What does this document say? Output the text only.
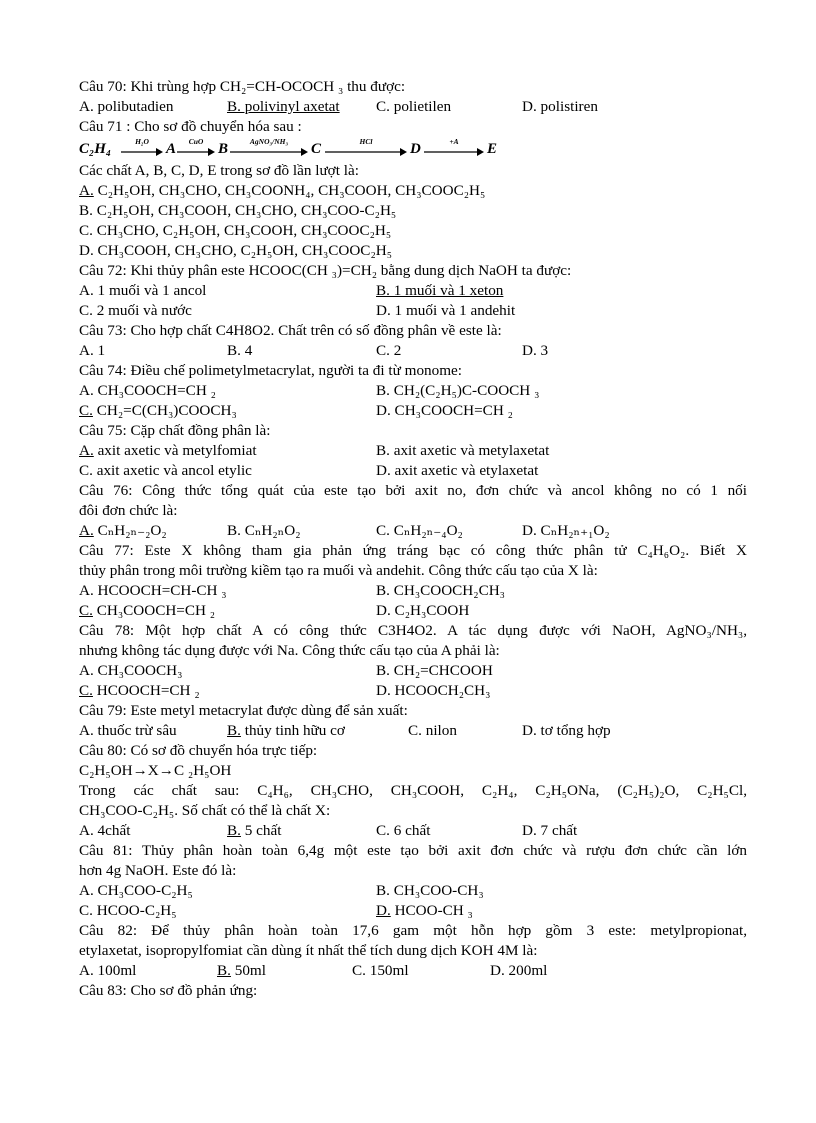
Câu 70: Khi trùng hợp CH₂=CH-OCOCH ₃ thu được:
A. polibutadien	B. polivinyl axetat C. polietilen	D. polistiren
Câu 71 : Cho sơ đồ chuyển hóa sau :
C₂H₄	H₂O	A	CuO B	AgNO₃/NH₃	C	HCl	D	+A	E
Các chất A, B, C, D, E trong sơ đồ lần lượt là:
A. C₂H₅OH, CH₃CHO, CH₃COONH₄, CH₃COOH, CH₃COOC₂H₅
B. C₂H₅OH, CH₃COOH, CH₃CHO, CH₃COO-C₂H₅
C. CH₃CHO, C₂H₅OH, CH₃COOH, CH₃COOC₂H₅
D. CH₃COOH, CH₃CHO, C₂H₅OH, CH₃COOC₂H₅
Câu 72: Khi thủy phân este HCOOC(CH ₃)=CH₂ bằng dung dịch NaOH ta được:
A. 1 muối và 1 ancol	B. 1 muối và 1 xeton
C. 2 muối và nước	D. 1 muối và 1 andehit
Câu 73: Cho hợp chất C4H8O2. Chất trên có số đồng phân về este là:
A. 1	B. 4	C. 2	D. 3
Câu 74: Điều chế polimetylmetacrylat, người ta đi từ monome:
A. CH₃COOCH=CH ₂	B. CH₂(C₂H₅)C-COOCH ₃
C. CH₂=C(CH₃)COOCH₃	D. CH₃COOCH=CH ₂
Câu 75: Cặp chất đồng phân là:
A. axit axetic và metylfomiat	B. axit axetic và metylaxetat
C. axit axetic và ancol etylic	D. axit axetic và etylaxetat
Câu 76: Công thức tổng quát của este tạo bởi axit no, đơn chức và ancol không no có 1 nối
đôi đơn chức là:
A. CₙH₂ₙ₋₂O₂	B. CₙH₂ₙO₂	C. CₙH₂ₙ₋₄O₂	D. CₙH₂ₙ₊₁O₂
Câu 77: Este X không tham gia phản ứng tráng bạc có công thức phân tử C₄H₆O₂. Biết X
thủy phân trong môi trường kiềm tạo ra muối và andehit. Công thức cấu tạo của X là:
A. HCOOCH=CH-CH ₃	B. CH₃COOCH₂CH₃
C. CH₃COOCH=CH ₂	D. C₂H₃COOH
Câu 78: Một hợp chất A có công thức C3H4O2. A tác dụng được với NaOH, AgNO₃/NH₃,
nhưng không tác dụng được với Na. Công thức cấu tạo của A phải là:
A. CH₃COOCH₃	B. CH₂=CHCOOH
C. HCOOCH=CH ₂	D. HCOOCH₂CH₃
Câu 79: Este metyl metacrylat được dùng để sản xuất:
A. thuốc trừ sâu	B. thủy tinh hữu cơ	C. nilon	D. tơ tổng hợp
Câu 80: Có sơ đồ chuyển hóa trực tiếp:
C₂H₅OH→X→C ₂H₅OH
Trong các chất sau: C₄H₆, CH₃CHO, CH₃COOH, C₂H₄, C₂H₅ONa, (C₂H₅)₂O, C₂H₅Cl,
CH₃COO-C₂H₅. Số chất có thể là chất X:
A. 4chất	B. 5 chất	C. 6 chất	D. 7 chất
Câu 81: Thủy phân hoàn toàn 6,4g một este tạo bởi axit đơn chức và rượu đơn chức cần lớn
hơn 4g NaOH. Este đó là:
A. CH₃COO-C₂H₅	B. CH₃COO-CH₃
C. HCOO-C₂H₅	D. HCOO-CH ₃
Câu 82: Để thủy phân hoàn toàn 17,6 gam một hỗn hợp gồm 3 este: metylpropionat,
etylaxetat, isopropylfomiat cần dùng ít nhất thể tích dung dịch KOH 4M là:
A. 100ml	B. 50ml	C. 150ml	D. 200ml
Câu 83: Cho sơ đồ phản ứng:
